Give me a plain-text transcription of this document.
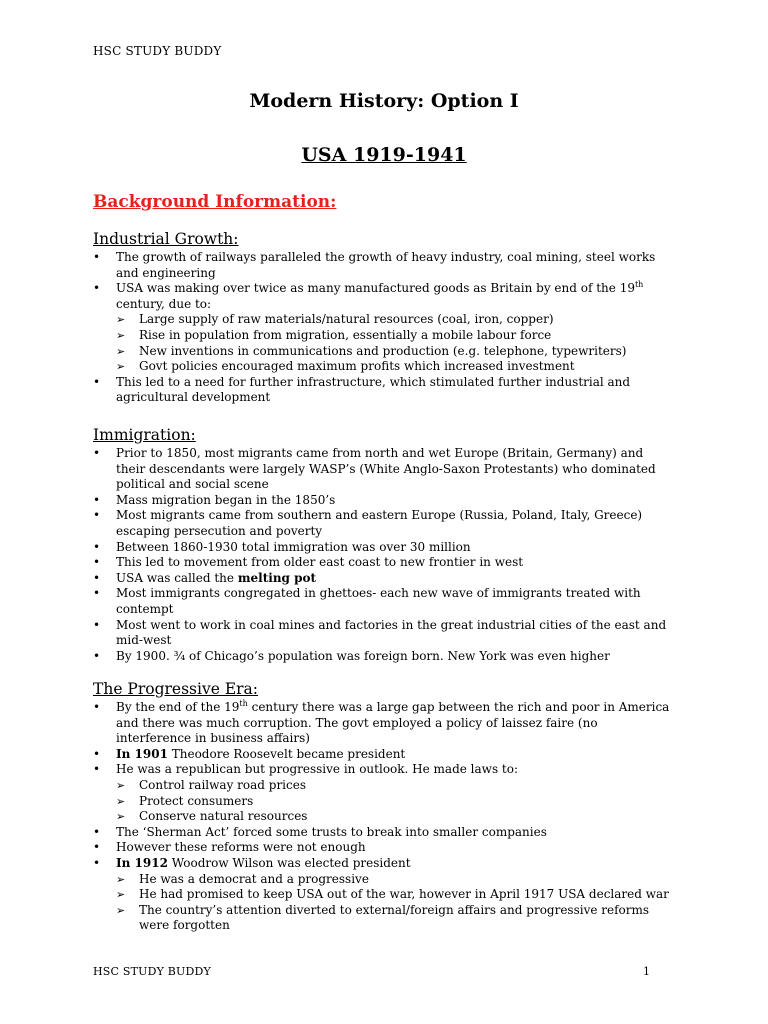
HSC STUDY BUDDY
Modern History: Option I
USA 1919-1941
Background Information:
Industrial Growth:
• The growth of railways paralleled the growth of heavy industry, coal mining, steel works and engineering
• USA was making over twice as many manufactured goods as Britain by end of the 19th century, due to:
➢ Large supply of raw materials/natural resources (coal, iron, copper)
➢ Rise in population from migration, essentially a mobile labour force
➢ New inventions in communications and production (e.g. telephone, typewriters)
➢ Govt policies encouraged maximum profits which increased investment
• This led to a need for further infrastructure, which stimulated further industrial and agricultural development
Immigration:
• Prior to 1850, most migrants came from north and wet Europe (Britain, Germany) and their descendants were largely WASP’s (White Anglo-Saxon Protestants) who dominated political and social scene
• Mass migration began in the 1850’s
• Most migrants came from southern and eastern Europe (Russia, Poland, Italy, Greece) escaping persecution and poverty
• Between 1860-1930 total immigration was over 30 million
• This led to movement from older east coast to new frontier in west
• USA was called the melting pot
• Most immigrants congregated in ghettoes- each new wave of immigrants treated with contempt
• Most went to work in coal mines and factories in the great industrial cities of the east and mid-west
• By 1900. ¾ of Chicago’s population was foreign born. New York was even higher
The Progressive Era:
• By the end of the 19th century there was a large gap between the rich and poor in America and there was much corruption. The govt employed a policy of laissez faire (no interference in business affairs)
• In 1901 Theodore Roosevelt became president
• He was a republican but progressive in outlook. He made laws to:
➢ Control railway road prices
➢ Protect consumers
➢ Conserve natural resources
• The ‘Sherman Act’ forced some trusts to break into smaller companies
• However these reforms were not enough
• In 1912 Woodrow Wilson was elected president
➢ He was a democrat and a progressive
➢ He had promised to keep USA out of the war, however in April 1917 USA declared war
➢ The country’s attention diverted to external/foreign affairs and progressive reforms were forgotten
HSC STUDY BUDDY	1
